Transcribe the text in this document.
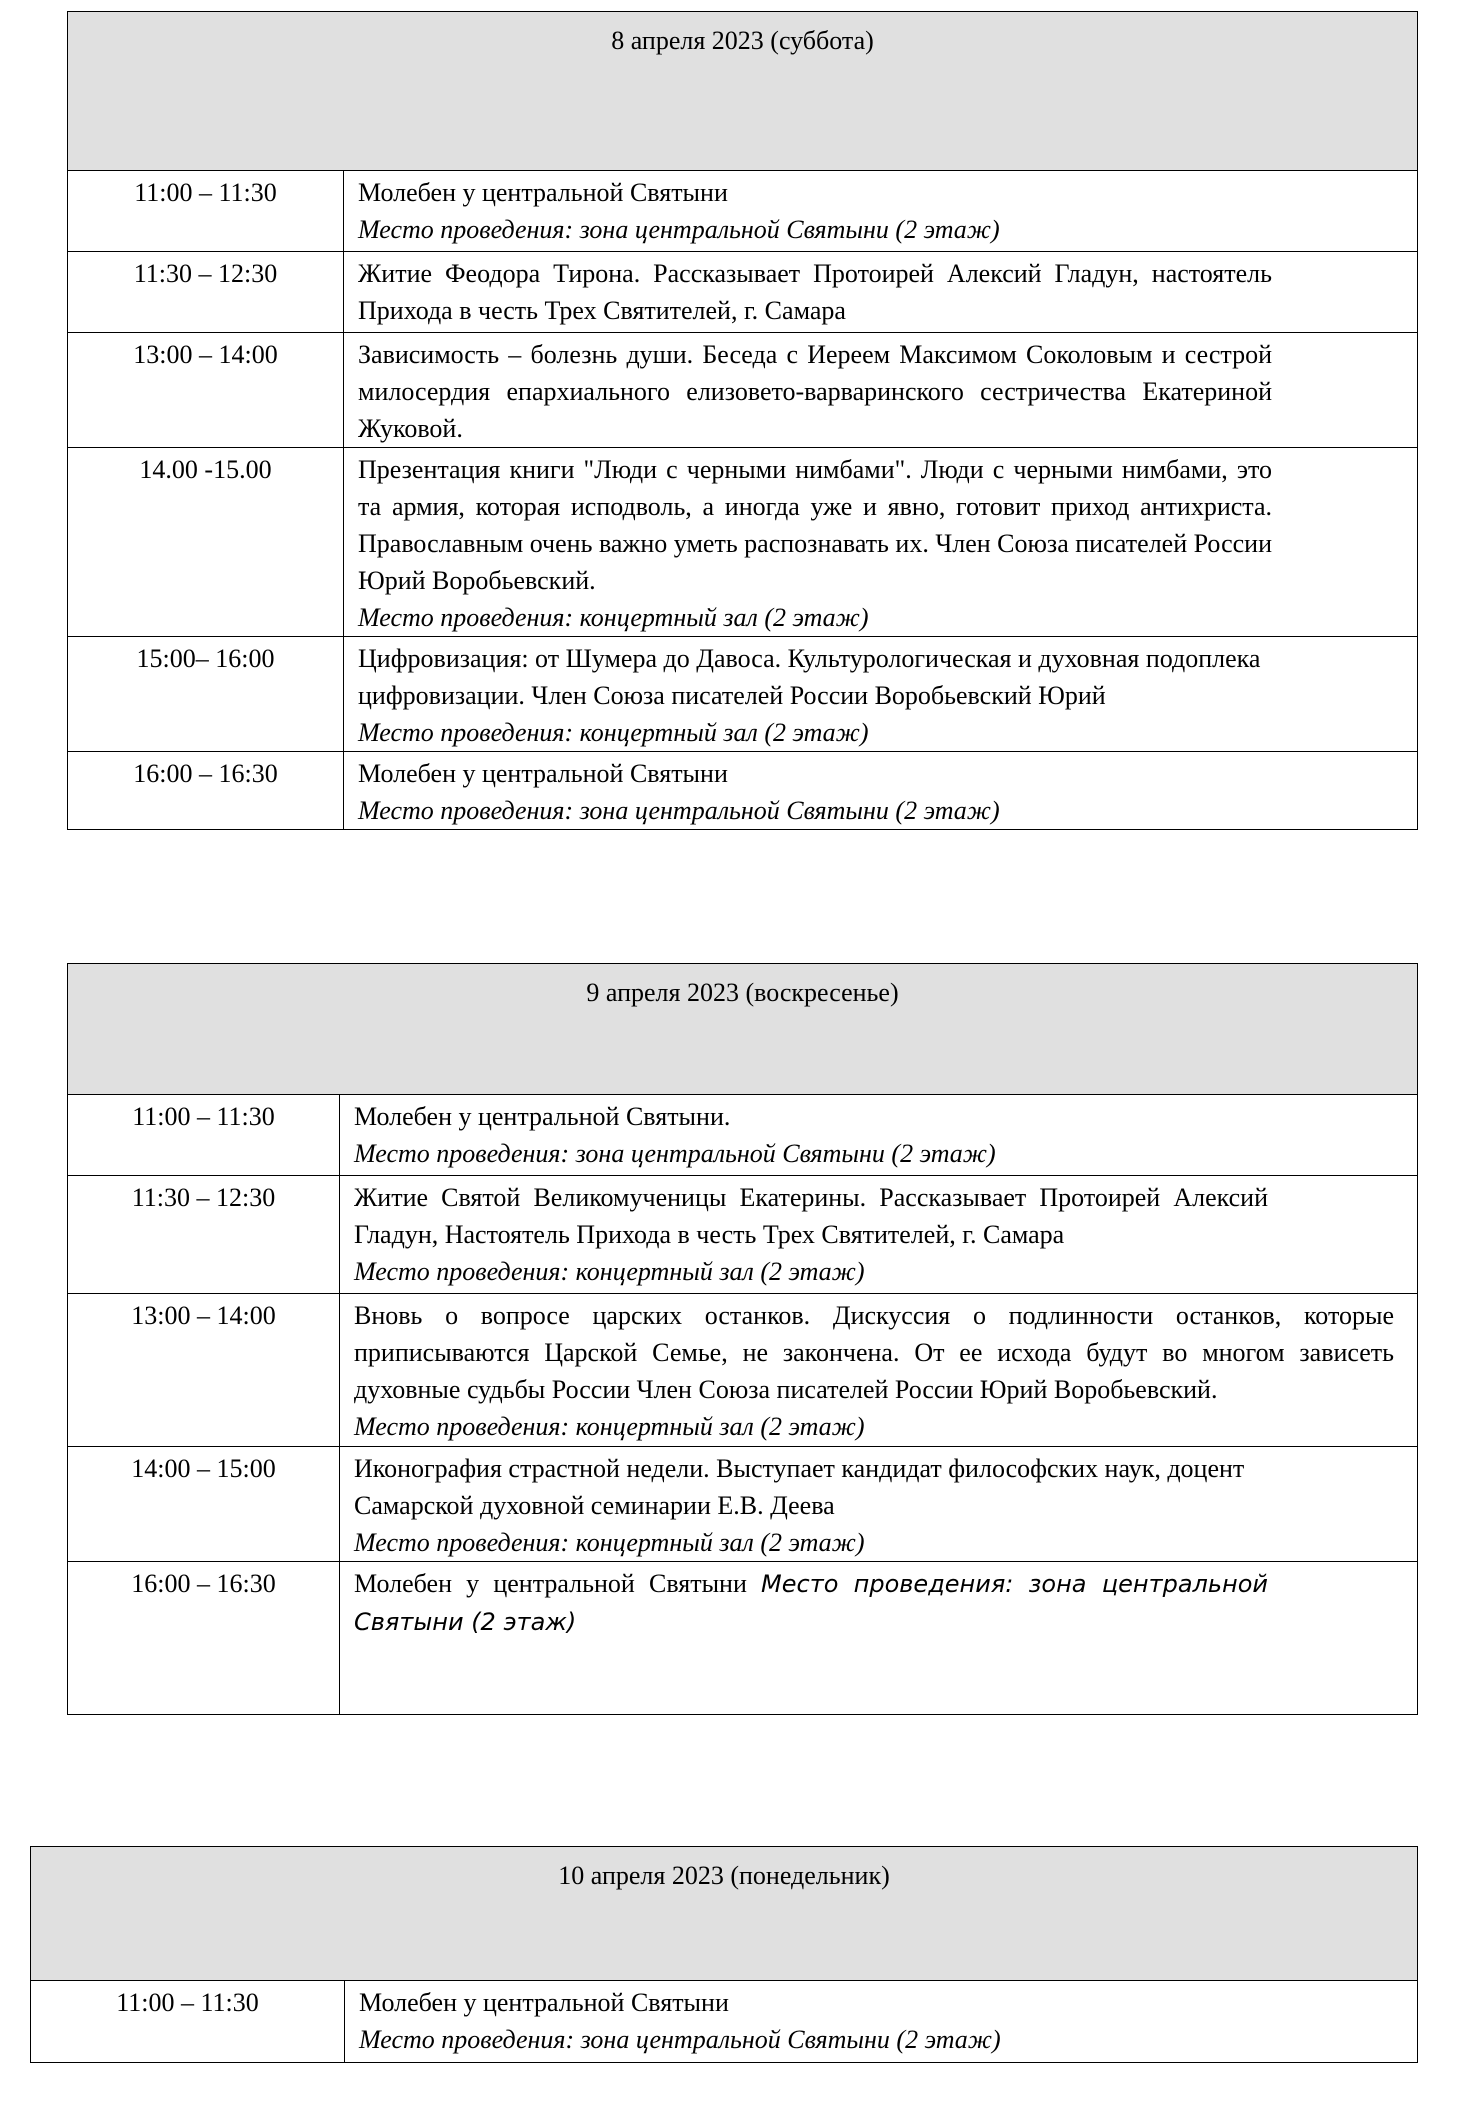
8 апреля 2023 (суббота)	
11:00 – 11:30	Молебен у центральной Святыни
Место проведения: зона центральной Святыни (2 этаж)

11:30 – 12:30	Житие Феодора Тирона. Рассказывает Протоирей Алексий Гладун, настоятель Прихода в честь Трех Святителей, г. Самара

13:00 – 14:00	Зависимость – болезнь души. Беседа с Иереем Максимом Соколовым и сестрой милосердия епархиального елизовето-варваринского сестричества Екатериной Жуковой.

14.00 -15.00	Презентация книги "Люди с черными нимбами". Люди с черными нимбами, это та армия, которая исподволь, а иногда уже и явно, готовит приход антихриста. Православным очень важно уметь распознавать их. Член Союза писателей России Юрий Воробьевский.
Место проведения: концертный зал (2 этаж)

15:00– 16:00	Цифровизация: от Шумера до Давоса. Культурологическая и духовная подоплека цифровизации. Член Союза писателей России Воробьевский Юрий
Место проведения: концертный зал (2 этаж)

16:00 – 16:30	Молебен у центральной Святыни
Место проведения: зона центральной Святыни (2 этаж)
9 апреля 2023 (воскресенье)	
11:00 – 11:30	Молебен у центральной Святыни.
Место проведения: зона центральной Святыни (2 этаж)

11:30 – 12:30	Житие Святой Великомученицы Екатерины. Рассказывает Протоирей Алексий Гладун, Настоятель Прихода в честь Трех Святителей, г. Самара
Место проведения: концертный зал (2 этаж)

13:00 – 14:00	Вновь о вопросе царских останков. Дискуссия о подлинности останков, которые приписываются Царской Семье, не закончена. От ее исхода будут во многом зависеть духовные судьбы России Член Союза писателей России Юрий Воробьевский.
Место проведения: концертный зал (2 этаж)

14:00 – 15:00	Иконография страстной недели. Выступает кандидат философских наук, доцент Самарской духовной семинарии Е.В. Деева
Место проведения: концертный зал (2 этаж)

16:00 – 16:30	Молебен у центральной Святыни Место проведения: зона центральной Святыни (2 этаж)
10 апреля 2023 (понедельник)
11:00 – 11:30	Молебен у центральной Святыни
Место проведения: зона центральной Святыни (2 этаж)
